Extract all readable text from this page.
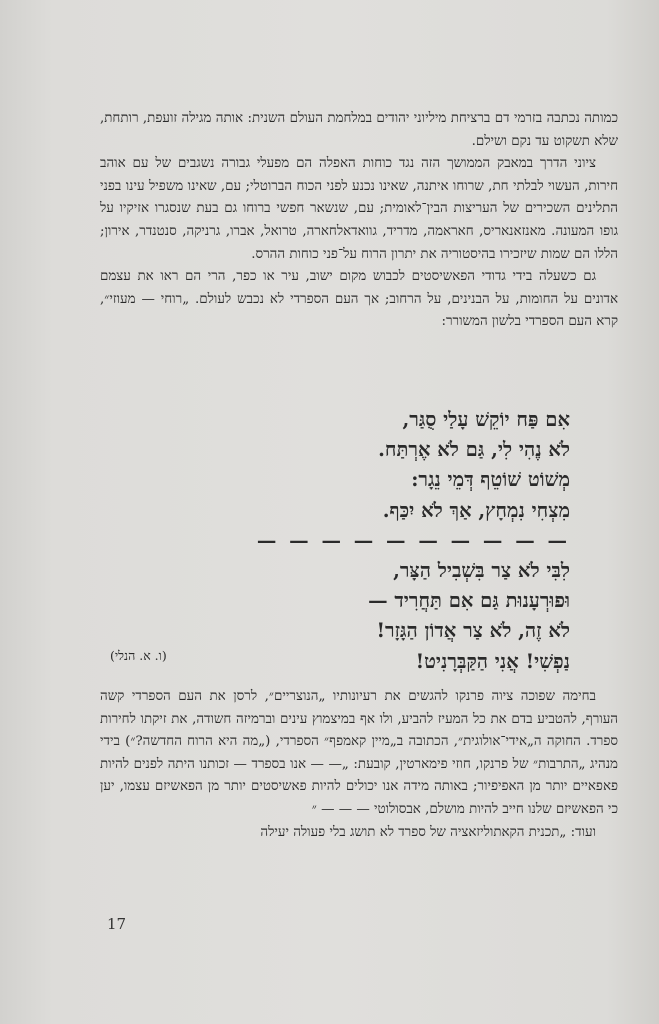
כמותה נכתבה בזרמי דם ברציחת מיליוני יהודים במלחמת העולם השנית: אותה מגילה זועפת, רותחת, שלא תשקוט עד נקם ושילם.

ציוני הדרך במאבק הממושך הזה נגד כוחות האפלה הם מפעלי גבורה נשגבים של עם אוהב חירות, העשוי לבלתי חת, שרוחו איתנה, שאינו נכנע לפני הכוח הברוטלי; עם, שאינו משפיל עינו בפני התלינים השכירים של העריצות הבין־לאומית; עם, שנשאר חפשי ברוחו גם בעת שנסגרו אזיקיו על גופו המעונה. מאנזאנאריס, חאראמה, מדריד, גוואדאלחארה, טרואל, אברו, גרניקה, סנטנדר, אירון; הללו הם שמות שיזכירו בהיסטוריה את יתרון הרוח על־פני כוחות ההרס.

גם כשעלה בידי גדודי הפאשיסטים לכבוש מקום ישוב, עיר או כפר, הרי הם ראו את עצמם אדונים על החומות, על הבנינים, על הרחוב; אך העם הספרדי לא נכבש לעולם. „רוחי — מעוזי״, קרא העם הספרדי בלשון המשורר:

אִם פַּח יוֹקֵשׁ עָלַי סֻגַּר,
לֹא נֶהִי לִי, גַּם לֹא אֶרְתַּח.
מְשׁוֹט שׁוֹטֵף דְּמֵי נֵגָר:
מִצְחִי נִמְחָץ, אַךְ לֹא יִכַּף.
— — — — — — — — — —
לִבִּי לֹא צַר בִּשְׁבִיל הַצָּר,
וּפוּרְעָנוּת גַּם אִם תַּחֲרִיד —
לֹא זֶה, לֹא צַר אֲדוֹן הַגָּזָר!
נַפְשִׁי! אֲנִי הַקַּבְּרָנִיט!
(ו. א. הנלי)

בחימה שפוכה ציוה פרנקו להגשים את רעיונותיו „הנוצריים״, לרסן את העם הספרדי קשה העורף, להטביע בדם את כל המעיז להביע, ולו אף במיצמוץ עינים וברמיזה חשודה, את זיקתו לחירות ספרד. החוקה ה„אידי־אולוגית״, הכתובה ב„מיין קאמפף״ הספרדי, („מה היא הרוח החדשה?״) בידי מנהיג „התרבות״ של פרנקו, חוזי פימארטין, קובעת: „— — אנו בספרד — זכותנו היתה לפנים להיות פאפאיים יותר מן האפיפיור; באותה מידה אנו יכולים להיות פאשיסטים יותר מן הפאשיזם עצמו, יען כי הפאשיזם שלנו חייב להיות מושלם, אבסולוטי — — — ״

ועוד: „תכנית הקאתוליזאציה של ספרד לא תושג בלי פעולה יעילה

17
